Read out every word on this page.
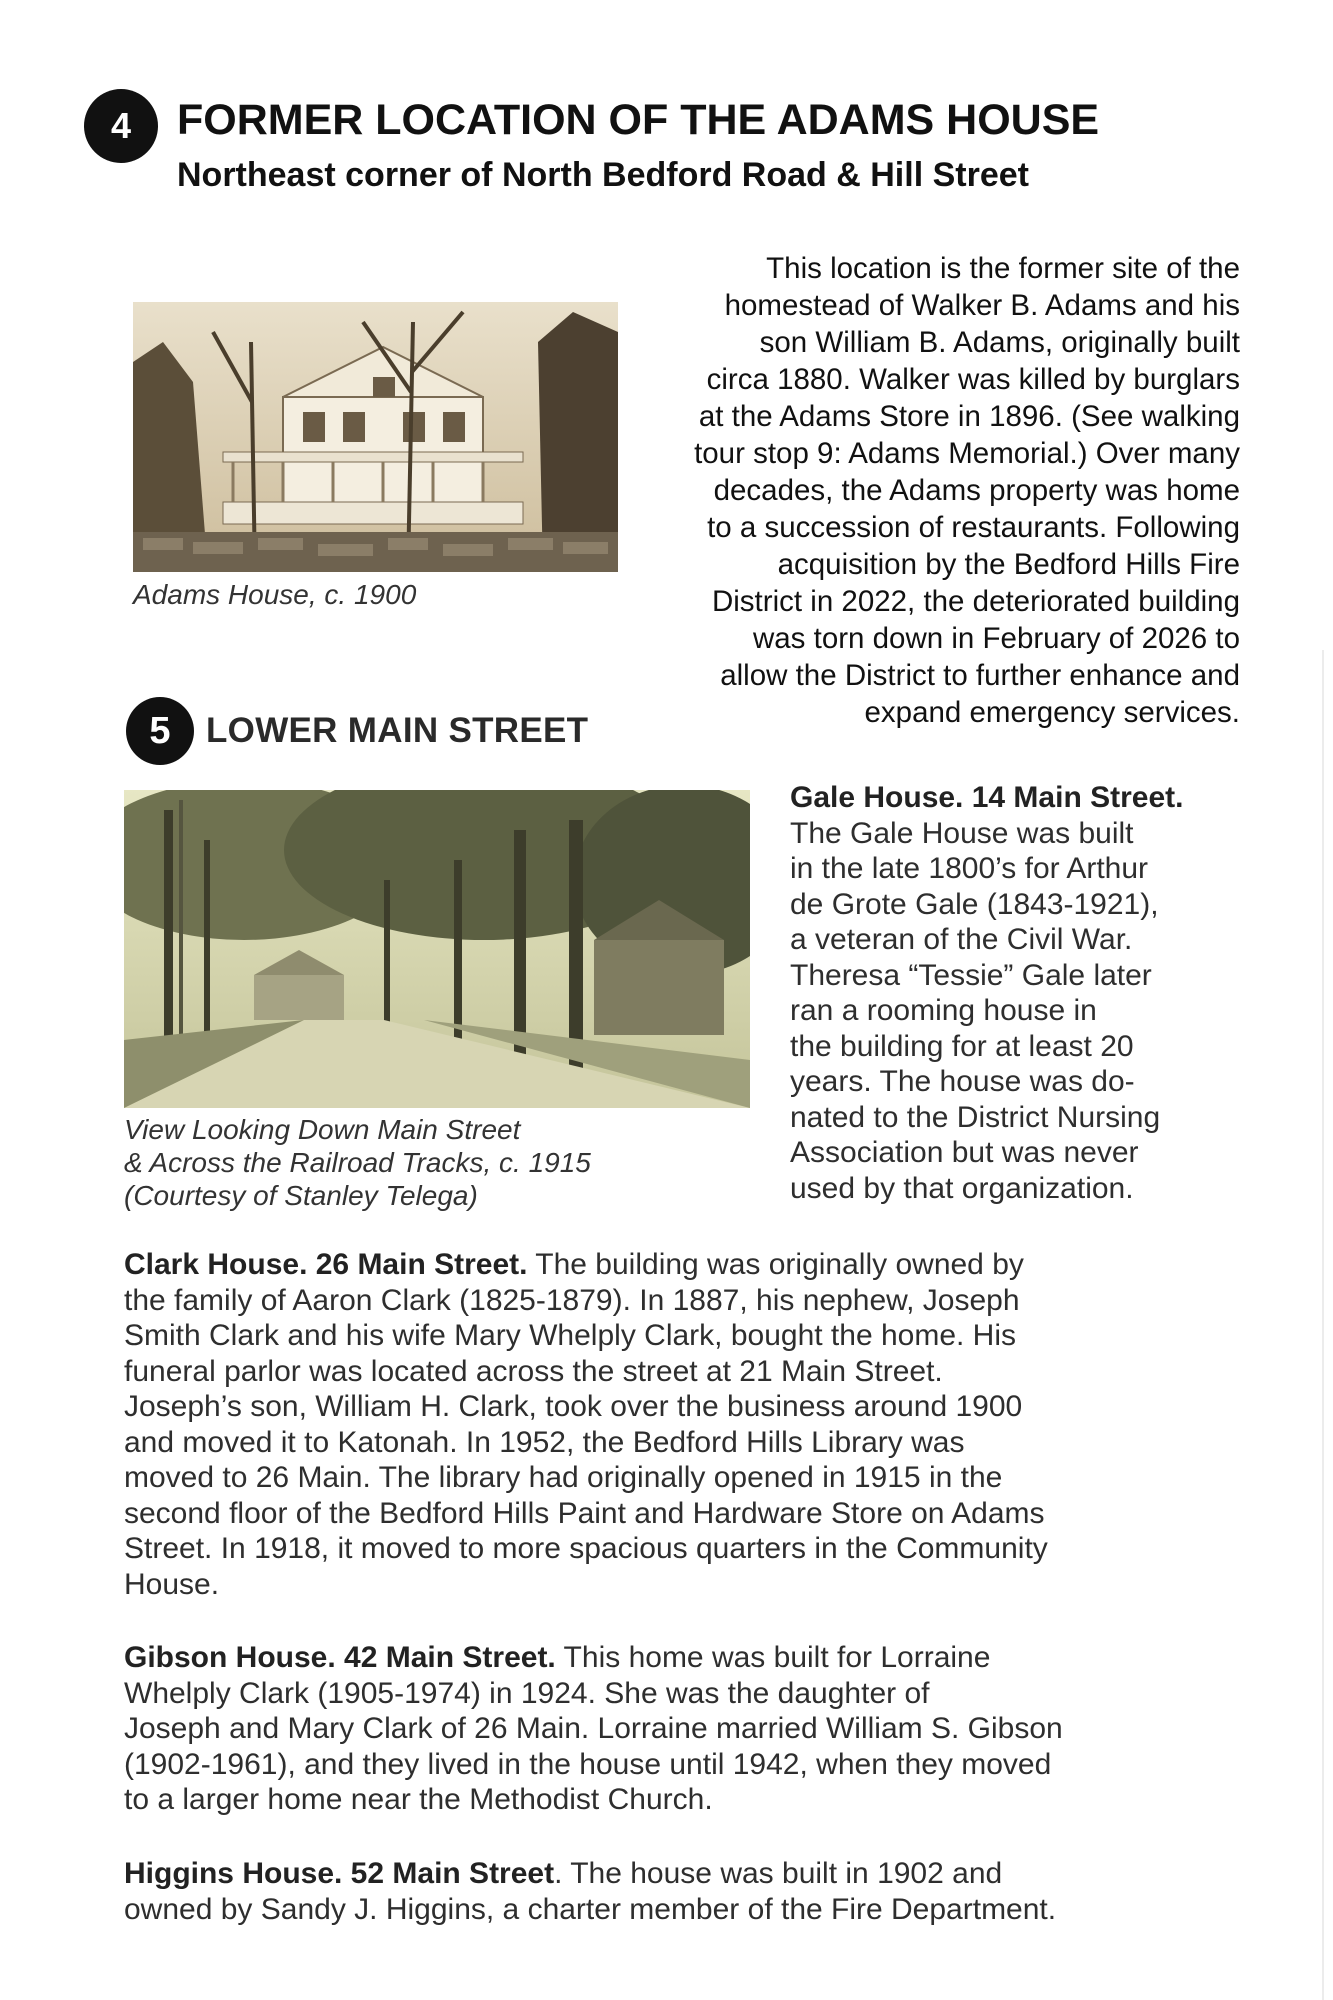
4 FORMER LOCATION OF THE ADAMS HOUSE
Northeast corner of North Bedford Road & Hill Street
Adams House, c. 1900
This location is the former site of the
homestead of Walker B. Adams and his
son William B. Adams, originally built
circa 1880. Walker was killed by burglars
at the Adams Store in 1896. (See walking
tour stop 9: Adams Memorial.) Over many
decades, the Adams property was home
to a succession of restaurants. Following
acquisition by the Bedford Hills Fire
District in 2022, the deteriorated building
was torn down in February of 2026 to
allow the District to further enhance and
expand emergency services.
5 LOWER MAIN STREET
View Looking Down Main Street
& Across the Railroad Tracks, c. 1915
(Courtesy of Stanley Telega)
Gale House. 14 Main Street.
The Gale House was built
in the late 1800’s for Arthur
de Grote Gale (1843-1921),
a veteran of the Civil War.
Theresa “Tessie” Gale later
ran a rooming house in
the building for at least 20
years. The house was do-
nated to the District Nursing
Association but was never
used by that organization.
Clark House. 26 Main Street. The building was originally owned by
the family of Aaron Clark (1825-1879). In 1887, his nephew, Joseph
Smith Clark and his wife Mary Whelply Clark, bought the home. His
funeral parlor was located across the street at 21 Main Street.
Joseph’s son, William H. Clark, took over the business around 1900
and moved it to Katonah. In 1952, the Bedford Hills Library was
moved to 26 Main. The library had originally opened in 1915 in the
second floor of the Bedford Hills Paint and Hardware Store on Adams
Street. In 1918, it moved to more spacious quarters in the Community
House.
Gibson House. 42 Main Street. This home was built for Lorraine
Whelply Clark (1905-1974) in 1924. She was the daughter of
Joseph and Mary Clark of 26 Main. Lorraine married William S. Gibson
(1902-1961), and they lived in the house until 1942, when they moved
to a larger home near the Methodist Church.
Higgins House. 52 Main Street. The house was built in 1902 and
owned by Sandy J. Higgins, a charter member of the Fire Department.
